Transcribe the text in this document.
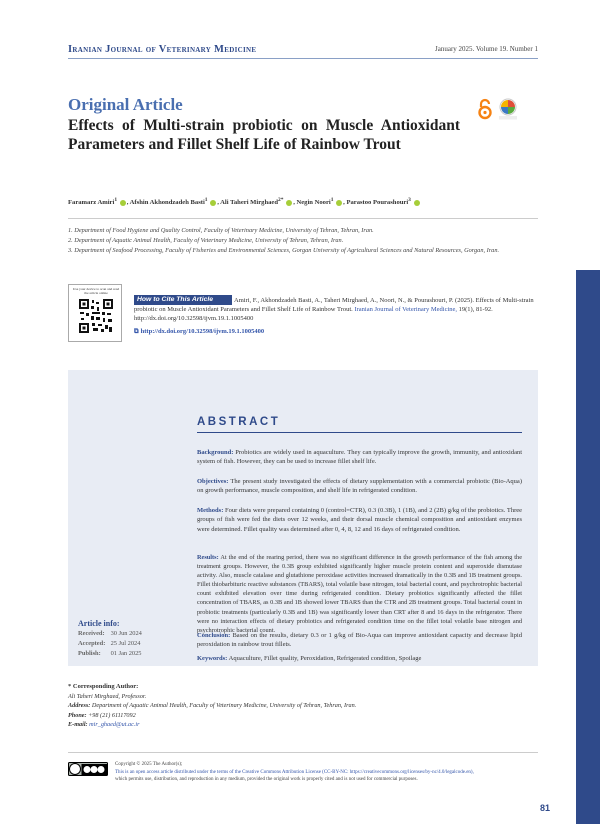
Iranian Journal of Veterinary Medicine	January 2025. Volume 19. Number 1
Original Article
Effects of Multi-strain probiotic on Muscle Antioxidant Parameters and Fillet Shelf Life of Rainbow Trout
Faramarz Amiri$^1$ , Afshin Akhondzadeh Basti$^1$ , Ali Taheri Mirghaed$^{2*}$ , Negin Noori$^1$ , Parastoo Pourashouri$^3$
1. Department of Food Hygiene and Quality Control, Faculty of Veterinary Medicine, University of Tehran, Tehran, Iran.
2. Department of Aquatic Animal Health, Faculty of Veterinary Medicine, University of Tehran, Tehran, Iran.
3. Department of Seafood Processing, Faculty of Fisheries and Environmental Sciences, Gorgan University of Agricultural Sciences and Natural Resources, Gorgan, Iran.
Use your device to scan and read the article online
Amiri, F., Akhondzadeh Basti, A., Taheri Mirghaed, A., Noori, N., & Pourashouri, P. (2025). Effects of Multi-strain probiotic on Muscle Antioxidant Parameters and Fillet Shelf Life of Rainbow Trout. Iranian Journal of Veterinary Medicine, 19(1), 81-92. http://dx.doi.org/10.32598/ijvm.19.1.1005400
How to Cite This Article
⧉ http://dx.doi.org/10.32598/ijvm.19.1.1005400
ABSTRACT
Background: Probiotics are widely used in aquaculture. They can typically improve the growth, immunity, and antioxidant system of fish. However, they can be used to increase fillet shelf life.
Objectives: The present study investigated the effects of dietary supplementation with a commercial probiotic (Bio-Aqua) on growth performance, muscle composition, and shelf life in refrigerated condition.
Methods: Four diets were prepared containing 0 (control=CTR), 0.3 (0.3B), 1 (1B), and 2 (2B) g/kg of the probiotics. Three groups of fish were fed the diets over 12 weeks, and their dorsal muscle chemical composition and antioxidant enzymes were determined. Fillet quality was determined after 0, 4, 8, 12 and 16 days of refrigerated condition.
Results: At the end of the rearing period, there was no significant difference in the growth performance of the fish among the treatment groups. However, the 0.3B group exhibited significantly higher muscle protein content and superoxide dismutase activity. Also, muscle catalase and glutathione peroxidase activities increased dramatically in the 0.3B and 1B treatment groups. Fillet thiobarbituric reactive substances (TBARS), total volatile base nitrogen, total bacterial count, and psychrotrophic bacterial count exhibited elevation over time during refrigerated condition. Dietary probiotics significantly affected the fillet concentration of TBARS, as 0.3B and 1B showed lower TBARS than the CTR and 2B treatment groups. Total bacterial count in probiotic treatments (particularly 0.3B and 1B) was significantly lower than CRT after 8 and 16 days in the refrigerator. There were no interaction effects of dietary probiotics and refrigerated condition time on the fillet total volatile base nitrogen and psychrotrophic bacterial count.
Conclusion: Based on the results, dietary 0.3 or 1 g/kg of Bio-Aqua can improve antioxidant capacity and decrease lipid peroxidation in rainbow trout fillets.
Keywords: Aquaculture, Fillet quality, Peroxidation, Refrigerated condition, Spoilage
Article info:
Received: 30 Jun 2024
Accepted: 25 Jul 2024
Publish: 01 Jan 2025
* Corresponding Author:
Ali Taheri Mirghaed, Professor.
Address: Department of Aquatic Animal Health, Faculty of Veterinary Medicine, University of Tehran, Tehran, Iran.
Phone: +98 (21) 61117092
E-mail: mir_ghaed@ut.ac.ir
Copyright © 2025 The Author(s);
This is an open access article distributed under the terms of the Creative Commons Attribution License (CC-BY-NC: https://creativecommons.org/licenses/by-nc/4.0/legalcode.en),
which permits use, distribution, and reproduction in any medium, provided the original work is properly cited and is not used for commercial purposes.
81
